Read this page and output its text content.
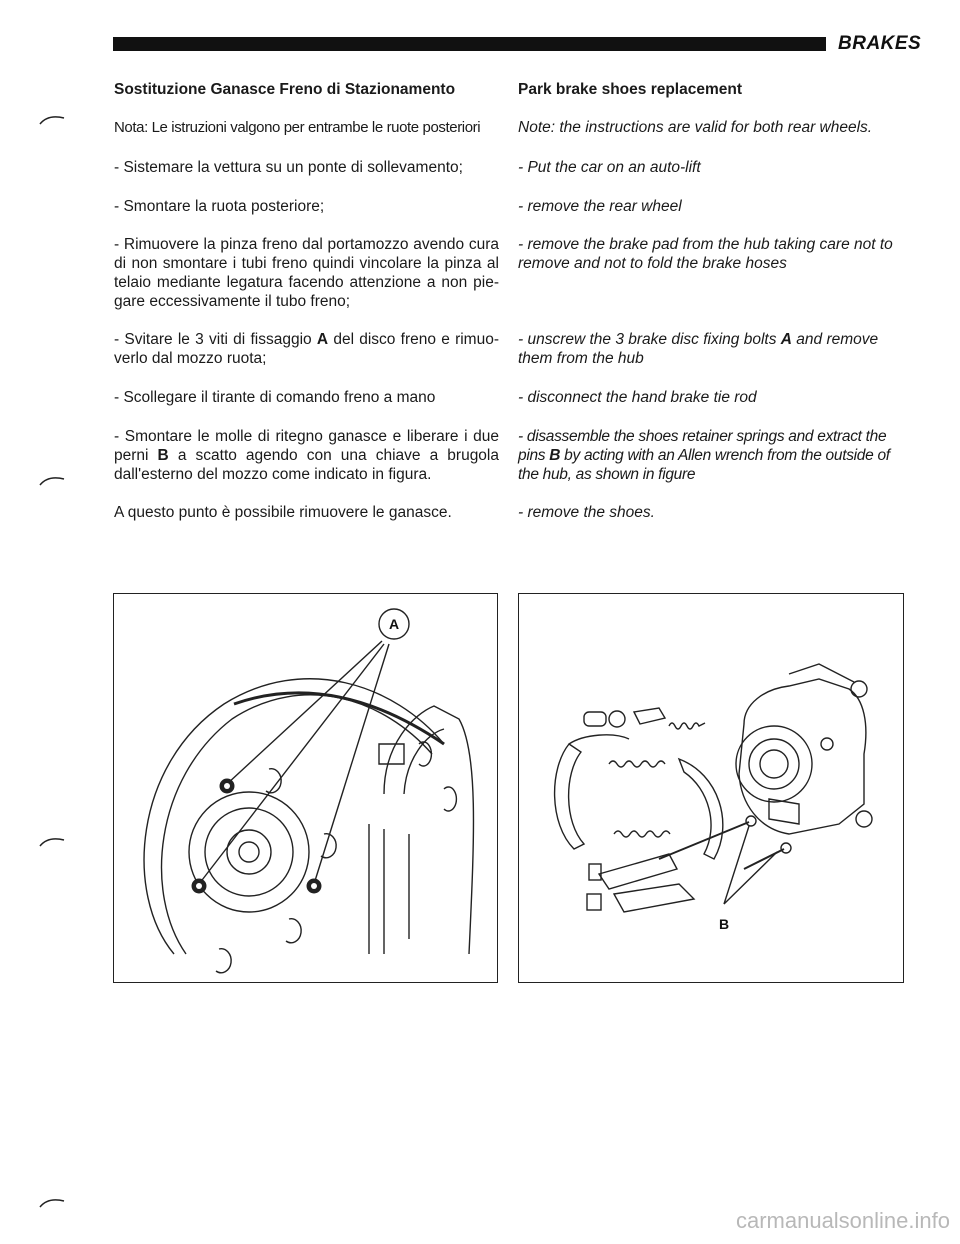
BRAKES

Sostituzione Ganasce Freno di Stazionamento

Nota: Le istruzioni valgono per entrambe le ruote posteriori

- Sistemare la vettura su un ponte di sollevamento;

- Smontare la ruota posteriore;

- Rimuovere la pinza freno dal portamozzo avendo cura di non smontare i tubi freno quindi vincolare la pinza al telaio mediante legatura facendo attenzione a non pie-gare eccessivamente il tubo freno;

- Svitare le 3 viti di fissaggio A del disco freno e rimuo-verlo dal mozzo ruota;

- Scollegare il tirante di comando freno a mano

- Smontare le molle di ritegno ganasce e liberare i due perni B a scatto agendo con una chiave a brugola dall'esterno del mozzo come indicato in figura.

A questo punto è possibile rimuovere le ganasce.

Park brake shoes replacement

Note: the instructions are valid for both rear wheels.

- Put the car on an auto-lift

- remove the rear wheel

- remove the brake pad from the hub taking care not to remove and not to fold the brake hoses

- unscrew the 3 brake disc fixing bolts A and remove them from the hub

- disconnect the hand brake tie rod

- disassemble the shoes retainer springs and extract the pins B by acting with an Allen wrench from the outside of the hub, as shown in figure

- remove the shoes.

A
B
carmanualsonline.info
